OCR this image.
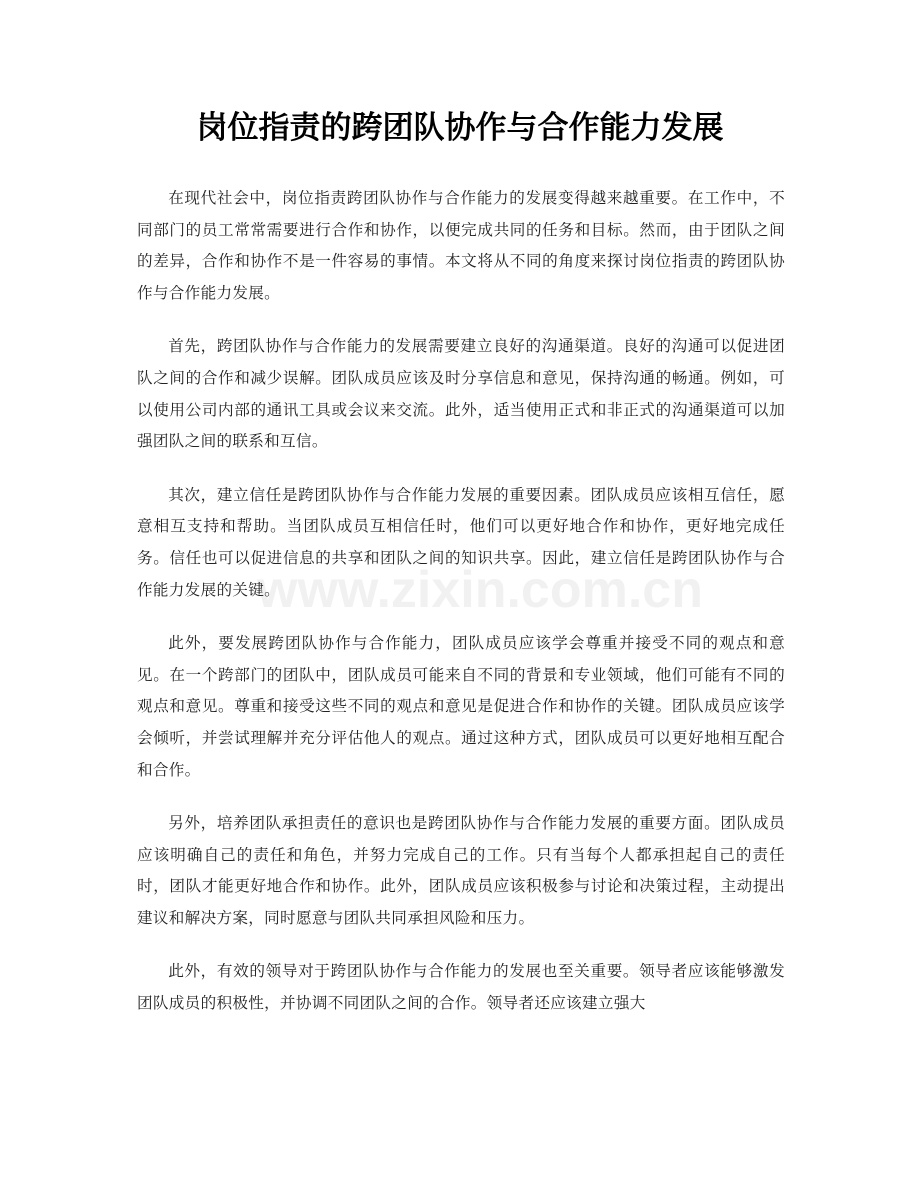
岗位指责的跨团队协作与合作能力发展

在现代社会中，岗位指责跨团队协作与合作能力的发展变得越来越重要。在工作中，不同部门的员工常常需要进行合作和协作，以便完成共同的任务和目标。然而，由于团队之间的差异，合作和协作不是一件容易的事情。本文将从不同的角度来探讨岗位指责的跨团队协作与合作能力发展。

首先，跨团队协作与合作能力的发展需要建立良好的沟通渠道。良好的沟通可以促进团队之间的合作和减少误解。团队成员应该及时分享信息和意见，保持沟通的畅通。例如，可以使用公司内部的通讯工具或会议来交流。此外，适当使用正式和非正式的沟通渠道可以加强团队之间的联系和互信。

其次，建立信任是跨团队协作与合作能力发展的重要因素。团队成员应该相互信任，愿意相互支持和帮助。当团队成员互相信任时，他们可以更好地合作和协作，更好地完成任务。信任也可以促进信息的共享和团队之间的知识共享。因此，建立信任是跨团队协作与合作能力发展的关键。

此外，要发展跨团队协作与合作能力，团队成员应该学会尊重并接受不同的观点和意见。在一个跨部门的团队中，团队成员可能来自不同的背景和专业领域，他们可能有不同的观点和意见。尊重和接受这些不同的观点和意见是促进合作和协作的关键。团队成员应该学会倾听，并尝试理解并充分评估他人的观点。通过这种方式，团队成员可以更好地相互配合和合作。

另外，培养团队承担责任的意识也是跨团队协作与合作能力发展的重要方面。团队成员应该明确自己的责任和角色，并努力完成自己的工作。只有当每个人都承担起自己的责任时，团队才能更好地合作和协作。此外，团队成员应该积极参与讨论和决策过程，主动提出建议和解决方案，同时愿意与团队共同承担风险和压力。

此外，有效的领导对于跨团队协作与合作能力的发展也至关重要。领导者应该能够激发团队成员的积极性，并协调不同团队之间的合作。领导者还应该建立强大

www.zixin.com.cn
